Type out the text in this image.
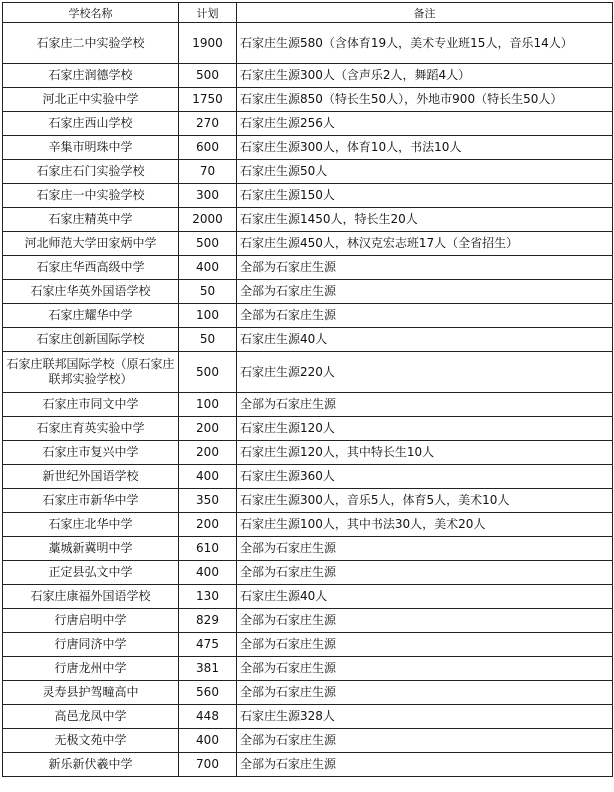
学校名称	计划	备注
石家庄二中实验学校	1900	石家庄生源580（含体育19人，美术专业班15人，音乐14人）
石家庄润德学校	500	石家庄生源300人（含声乐2人，舞蹈4人）
河北正中实验中学	1750	石家庄生源850（特长生50人），外地市900（特长生50人）
石家庄西山学校	270	石家庄生源256人
辛集市明珠中学	600	石家庄生源300人，体育10人，书法10人
石家庄石门实验学校	70	石家庄生源50人
石家庄一中实验学校	300	石家庄生源150人
石家庄精英中学	2000	石家庄生源1450人，特长生20人
河北师范大学田家炳中学	500	石家庄生源450人，林汉克宏志班17人（全省招生）
石家庄华西高级中学	400	全部为石家庄生源
石家庄华英外国语学校	50	全部为石家庄生源
石家庄耀华中学	100	全部为石家庄生源
石家庄创新国际学校	50	石家庄生源40人
石家庄联邦国际学校（原石家庄联邦实验学校）	500	石家庄生源220人
石家庄市同文中学	100	全部为石家庄生源
石家庄育英实验中学	200	石家庄生源120人
石家庄市复兴中学	200	石家庄生源120人，其中特长生10人
新世纪外国语学校	400	石家庄生源360人
石家庄市新华中学	350	石家庄生源300人，音乐5人，体育5人，美术10人
石家庄北华中学	200	石家庄生源100人，其中书法30人，美术20人
藁城新冀明中学	610	全部为石家庄生源
正定县弘文中学	400	全部为石家庄生源
石家庄康福外国语学校	130	石家庄生源40人
行唐启明中学	829	全部为石家庄生源
行唐同济中学	475	全部为石家庄生源
行唐龙州中学	381	全部为石家庄生源
灵寿县护驾疃高中	560	全部为石家庄生源
高邑龙凤中学	448	石家庄生源328人
无极文苑中学	400	全部为石家庄生源
新乐新伏羲中学	700	全部为石家庄生源
